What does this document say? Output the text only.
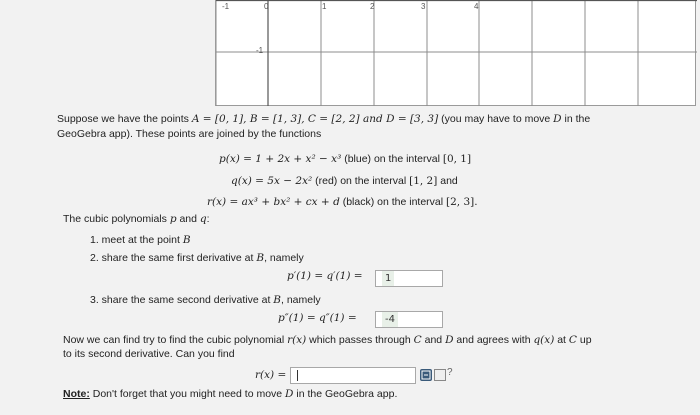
-1	0	1	2	3	4
-1
Suppose we have the points A = [0, 1], B = [1, 3], C = [2, 2] and D = [3, 3] (you may have to move D in the
GeoGebra app). These points are joined by the functions
p(x) = 1 + 2x + x² − x³ (blue) on the interval [0, 1]
q(x) = 5x − 2x² (red) on the interval [1, 2] and
r(x) = ax³ + bx² + cx + d (black) on the interval [2, 3].
The cubic polynomials p and q:
1. meet at the point B
2. share the same first derivative at B, namely
p′(1) = q′(1) =	1
3. share the same second derivative at B, namely
p″(1) = q″(1) =	-4
Now we can find try to find the cubic polynomial r(x) which passes through C and D and agrees with q(x) at C up
to its second derivative. Can you find
r(x) =	?
Note: Don't forget that you might need to move D in the GeoGebra app.
